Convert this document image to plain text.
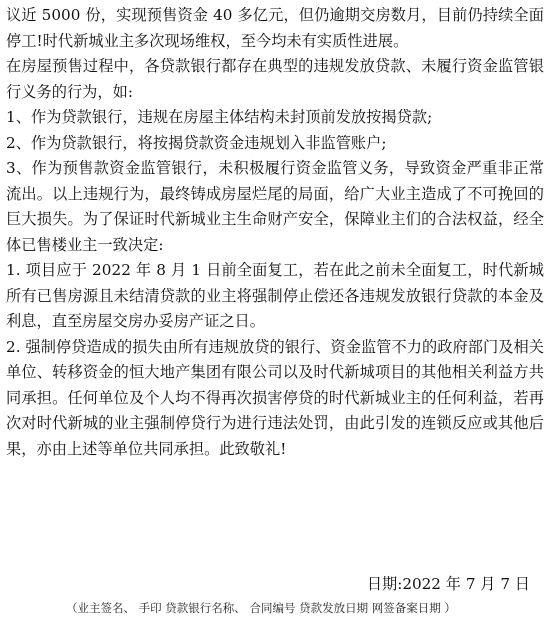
议近 5000 份，实现预售资金 40 多亿元，但仍逾期交房数月，目前仍持续全面停工!时代新城业主多次现场维权，至今均未有实质性进展。

在房屋预售过程中，各贷款银行都存在典型的违规发放贷款、未履行资金监管银行义务的行为，如:

1、作为贷款银行，违规在房屋主体结构未封顶前发放按揭贷款;

2、作为贷款银行，将按揭贷款资金违规划入非监管账户;

3、作为预售款资金监管银行，未积极履行资金监管义务，导致资金严重非正常流出。以上违规行为，最终铸成房屋烂尾的局面，给广大业主造成了不可挽回的巨大损失。为了保证时代新城业主生命财产安全，保障业主们的合法权益，经全体已售楼业主一致决定:

1. 项目应于 2022 年 8 月 1 日前全面复工，若在此之前未全面复工，时代新城所有已售房源且未结清贷款的业主将强制停止偿还各违规发放银行贷款的本金及利息，直至房屋交房办妥房产证之日。

2. 强制停贷造成的损失由所有违规放贷的银行、资金监管不力的政府部门及相关单位、转移资金的恒大地产集团有限公司以及时代新城项目的其他相关利益方共同承担。任何单位及个人均不得再次损害停贷的时代新城业主的任何利益，若再次对时代新城的业主强制停贷行为进行违法处罚，由此引发的连锁反应或其他后果，亦由上述等单位共同承担。此致敬礼!

日期:2022 年 7 月 7 日
（业主签名、 手印 贷款银行名称、 合同编号 贷款发放日期 网签备案日期 ）
